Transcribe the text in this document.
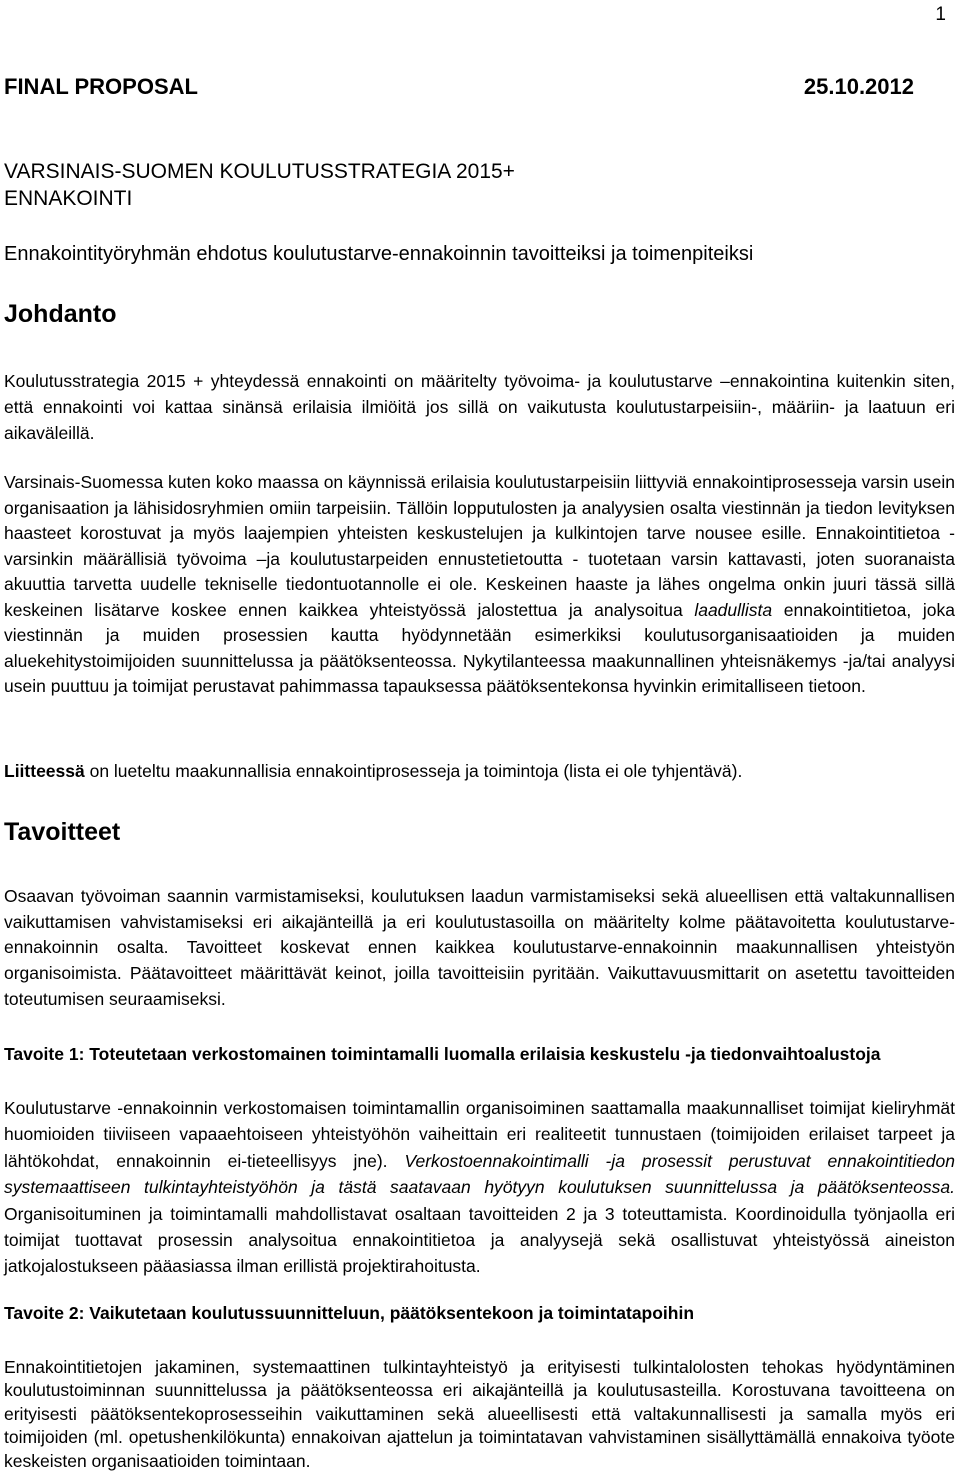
1
FINAL PROPOSAL	25.10.2012
VARSINAIS-SUOMEN KOULUTUSSTRATEGIA 2015+
ENNAKOINTI
Ennakointityöryhmän ehdotus koulutustarve-ennakoinnin tavoitteiksi ja toimenpiteiksi
Johdanto

Koulutusstrategia 2015 + yhteydessä ennakointi on määritelty työvoima- ja koulutustarve –ennakointina kuitenkin siten, että ennakointi voi kattaa sinänsä erilaisia ilmiöitä jos sillä on vaikutusta koulutustarpeisiin-, määriin- ja laatuun eri aikaväleillä.

Varsinais-Suomessa kuten koko maassa on käynnissä erilaisia koulutustarpeisiin liittyviä ennakointiprosesseja varsin usein organisaation ja lähisidosryhmien omiin tarpeisiin. Tällöin lopputulosten ja analyysien osalta viestinnän ja tiedon levityksen haasteet korostuvat ja myös laajempien yhteisten keskustelujen ja kulkintojen tarve nousee esille. Ennakointitietoa - varsinkin määrällisiä työvoima –ja koulutustarpeiden ennustetietoutta - tuotetaan varsin kattavasti, joten suoranaista akuuttia tarvetta uudelle tekniselle tiedontuotannolle ei ole. Keskeinen haaste ja lähes ongelma onkin juuri tässä sillä keskeinen lisätarve koskee ennen kaikkea yhteistyössä jalostettua ja analysoitua laadullista ennakointitietoa, joka viestinnän ja muiden prosessien kautta hyödynnetään esimerkiksi koulutusorganisaatioiden ja muiden aluekehitystoimijoiden suunnittelussa ja päätöksenteossa. Nykytilanteessa maakunnallinen yhteisnäkemys -ja/tai analyysi usein puuttuu ja toimijat perustavat pahimmassa tapauksessa päätöksentekonsa hyvinkin erimitalliseen tietoon.

Liitteessä on lueteltu maakunnallisia ennakointiprosesseja ja toimintoja (lista ei ole tyhjentävä).

Tavoitteet

Osaavan työvoiman saannin varmistamiseksi, koulutuksen laadun varmistamiseksi sekä alueellisen että valtakunnallisen vaikuttamisen vahvistamiseksi eri aikajänteillä ja eri koulutustasoilla on määritelty kolme päätavoitetta koulutustarve-ennakoinnin osalta. Tavoitteet koskevat ennen kaikkea koulutustarve-ennakoinnin maakunnallisen yhteistyön organisoimista. Päätavoitteet määrittävät keinot, joilla tavoitteisiin pyritään. Vaikuttavuusmittarit on asetettu tavoitteiden toteutumisen seuraamiseksi.

Tavoite 1: Toteutetaan verkostomainen toimintamalli luomalla erilaisia keskustelu -ja tiedonvaihtoalustoja

Koulutustarve -ennakoinnin verkostomaisen toimintamallin organisoiminen saattamalla maakunnalliset toimijat kieliryhmät huomioiden tiiviiseen vapaaehtoiseen yhteistyöhön vaiheittain eri realiteetit tunnustaen (toimijoiden erilaiset tarpeet ja lähtökohdat, ennakoinnin ei-tieteellisyys jne). Verkostoennakointimalli -ja prosessit perustuvat ennakointitiedon systemaattiseen tulkintayhteistyöhön ja tästä saatavaan hyötyyn koulutuksen suunnittelussa ja päätöksenteossa. Organisoituminen ja toimintamalli mahdollistavat osaltaan tavoitteiden 2 ja 3 toteuttamista. Koordinoidulla työnjaolla eri toimijat tuottavat prosessin analysoitua ennakointitietoa ja analyysejä sekä osallistuvat yhteistyössä aineiston jatkojalostukseen pääasiassa ilman erillistä projektirahoitusta.

Tavoite 2: Vaikutetaan koulutussuunnitteluun, päätöksentekoon ja toimintatapoihin

Ennakointitietojen jakaminen, systemaattinen tulkintayhteistyö ja erityisesti tulkintalolosten tehokas hyödyntäminen koulutustoiminnan suunnittelussa ja päätöksenteossa eri aikajänteillä ja koulutusasteilla. Korostuvana tavoitteena on erityisesti päätöksentekoprosesseihin vaikuttaminen sekä alueellisesti että valtakunnallisesti ja samalla myös eri toimijoiden (ml. opetushenkilökunta) ennakoivan ajattelun ja toimintatavan vahvistaminen sisällyttämällä ennakoiva työote keskeisten organisaatioiden toimintaan.
